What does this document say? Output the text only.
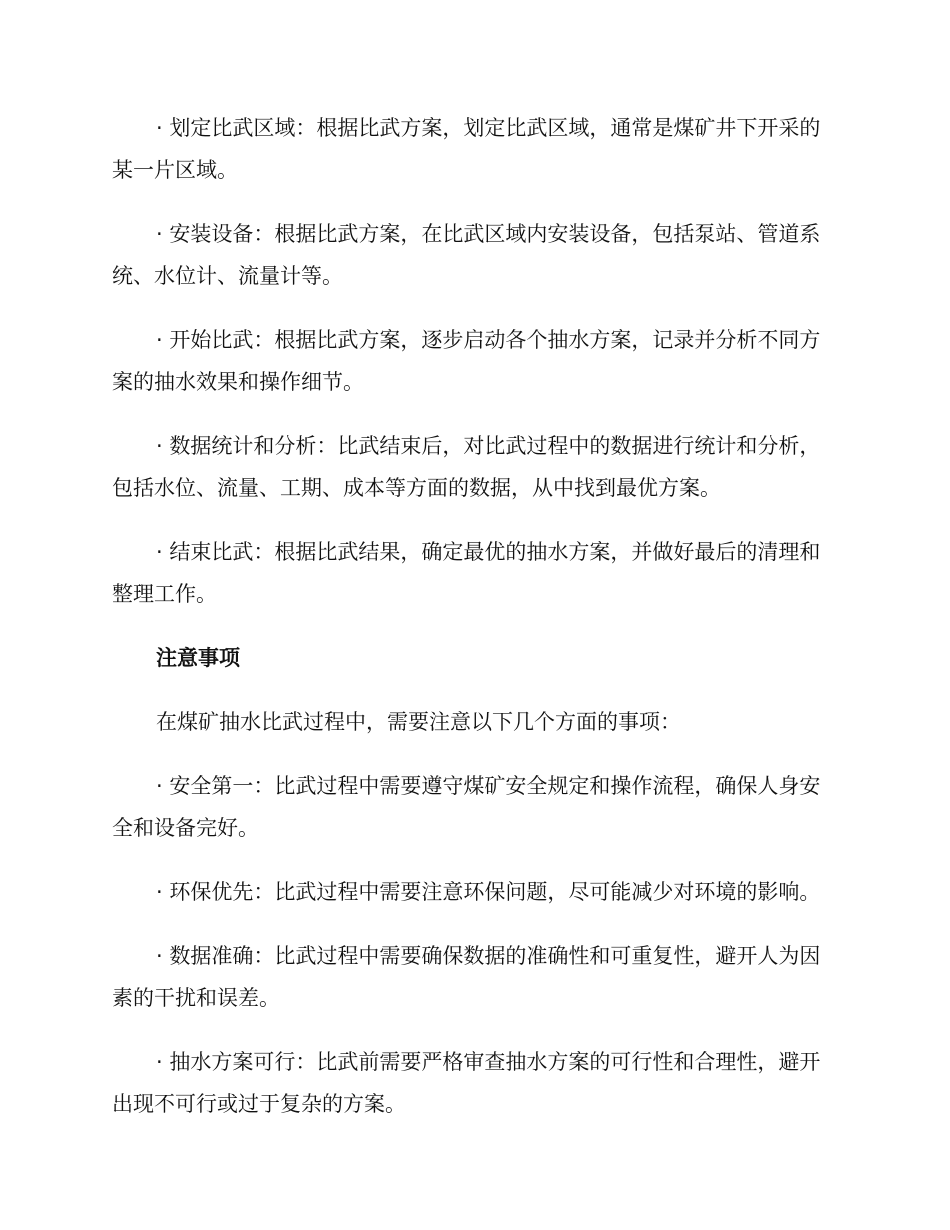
· 划定比武区域：根据比武方案，划定比武区域，通常是煤矿井下开采的某一片区域。

· 安装设备：根据比武方案，在比武区域内安装设备，包括泵站、管道系统、水位计、流量计等。

· 开始比武：根据比武方案，逐步启动各个抽水方案，记录并分析不同方案的抽水效果和操作细节。

· 数据统计和分析：比武结束后，对比武过程中的数据进行统计和分析，包括水位、流量、工期、成本等方面的数据，从中找到最优方案。

· 结束比武：根据比武结果，确定最优的抽水方案，并做好最后的清理和整理工作。

注意事项

在煤矿抽水比武过程中，需要注意以下几个方面的事项：

· 安全第一：比武过程中需要遵守煤矿安全规定和操作流程，确保人身安全和设备完好。

· 环保优先：比武过程中需要注意环保问题，尽可能减少对环境的影响。

· 数据准确：比武过程中需要确保数据的准确性和可重复性，避开人为因素的干扰和误差。

· 抽水方案可行：比武前需要严格审查抽水方案的可行性和合理性，避开出现不可行或过于复杂的方案。
